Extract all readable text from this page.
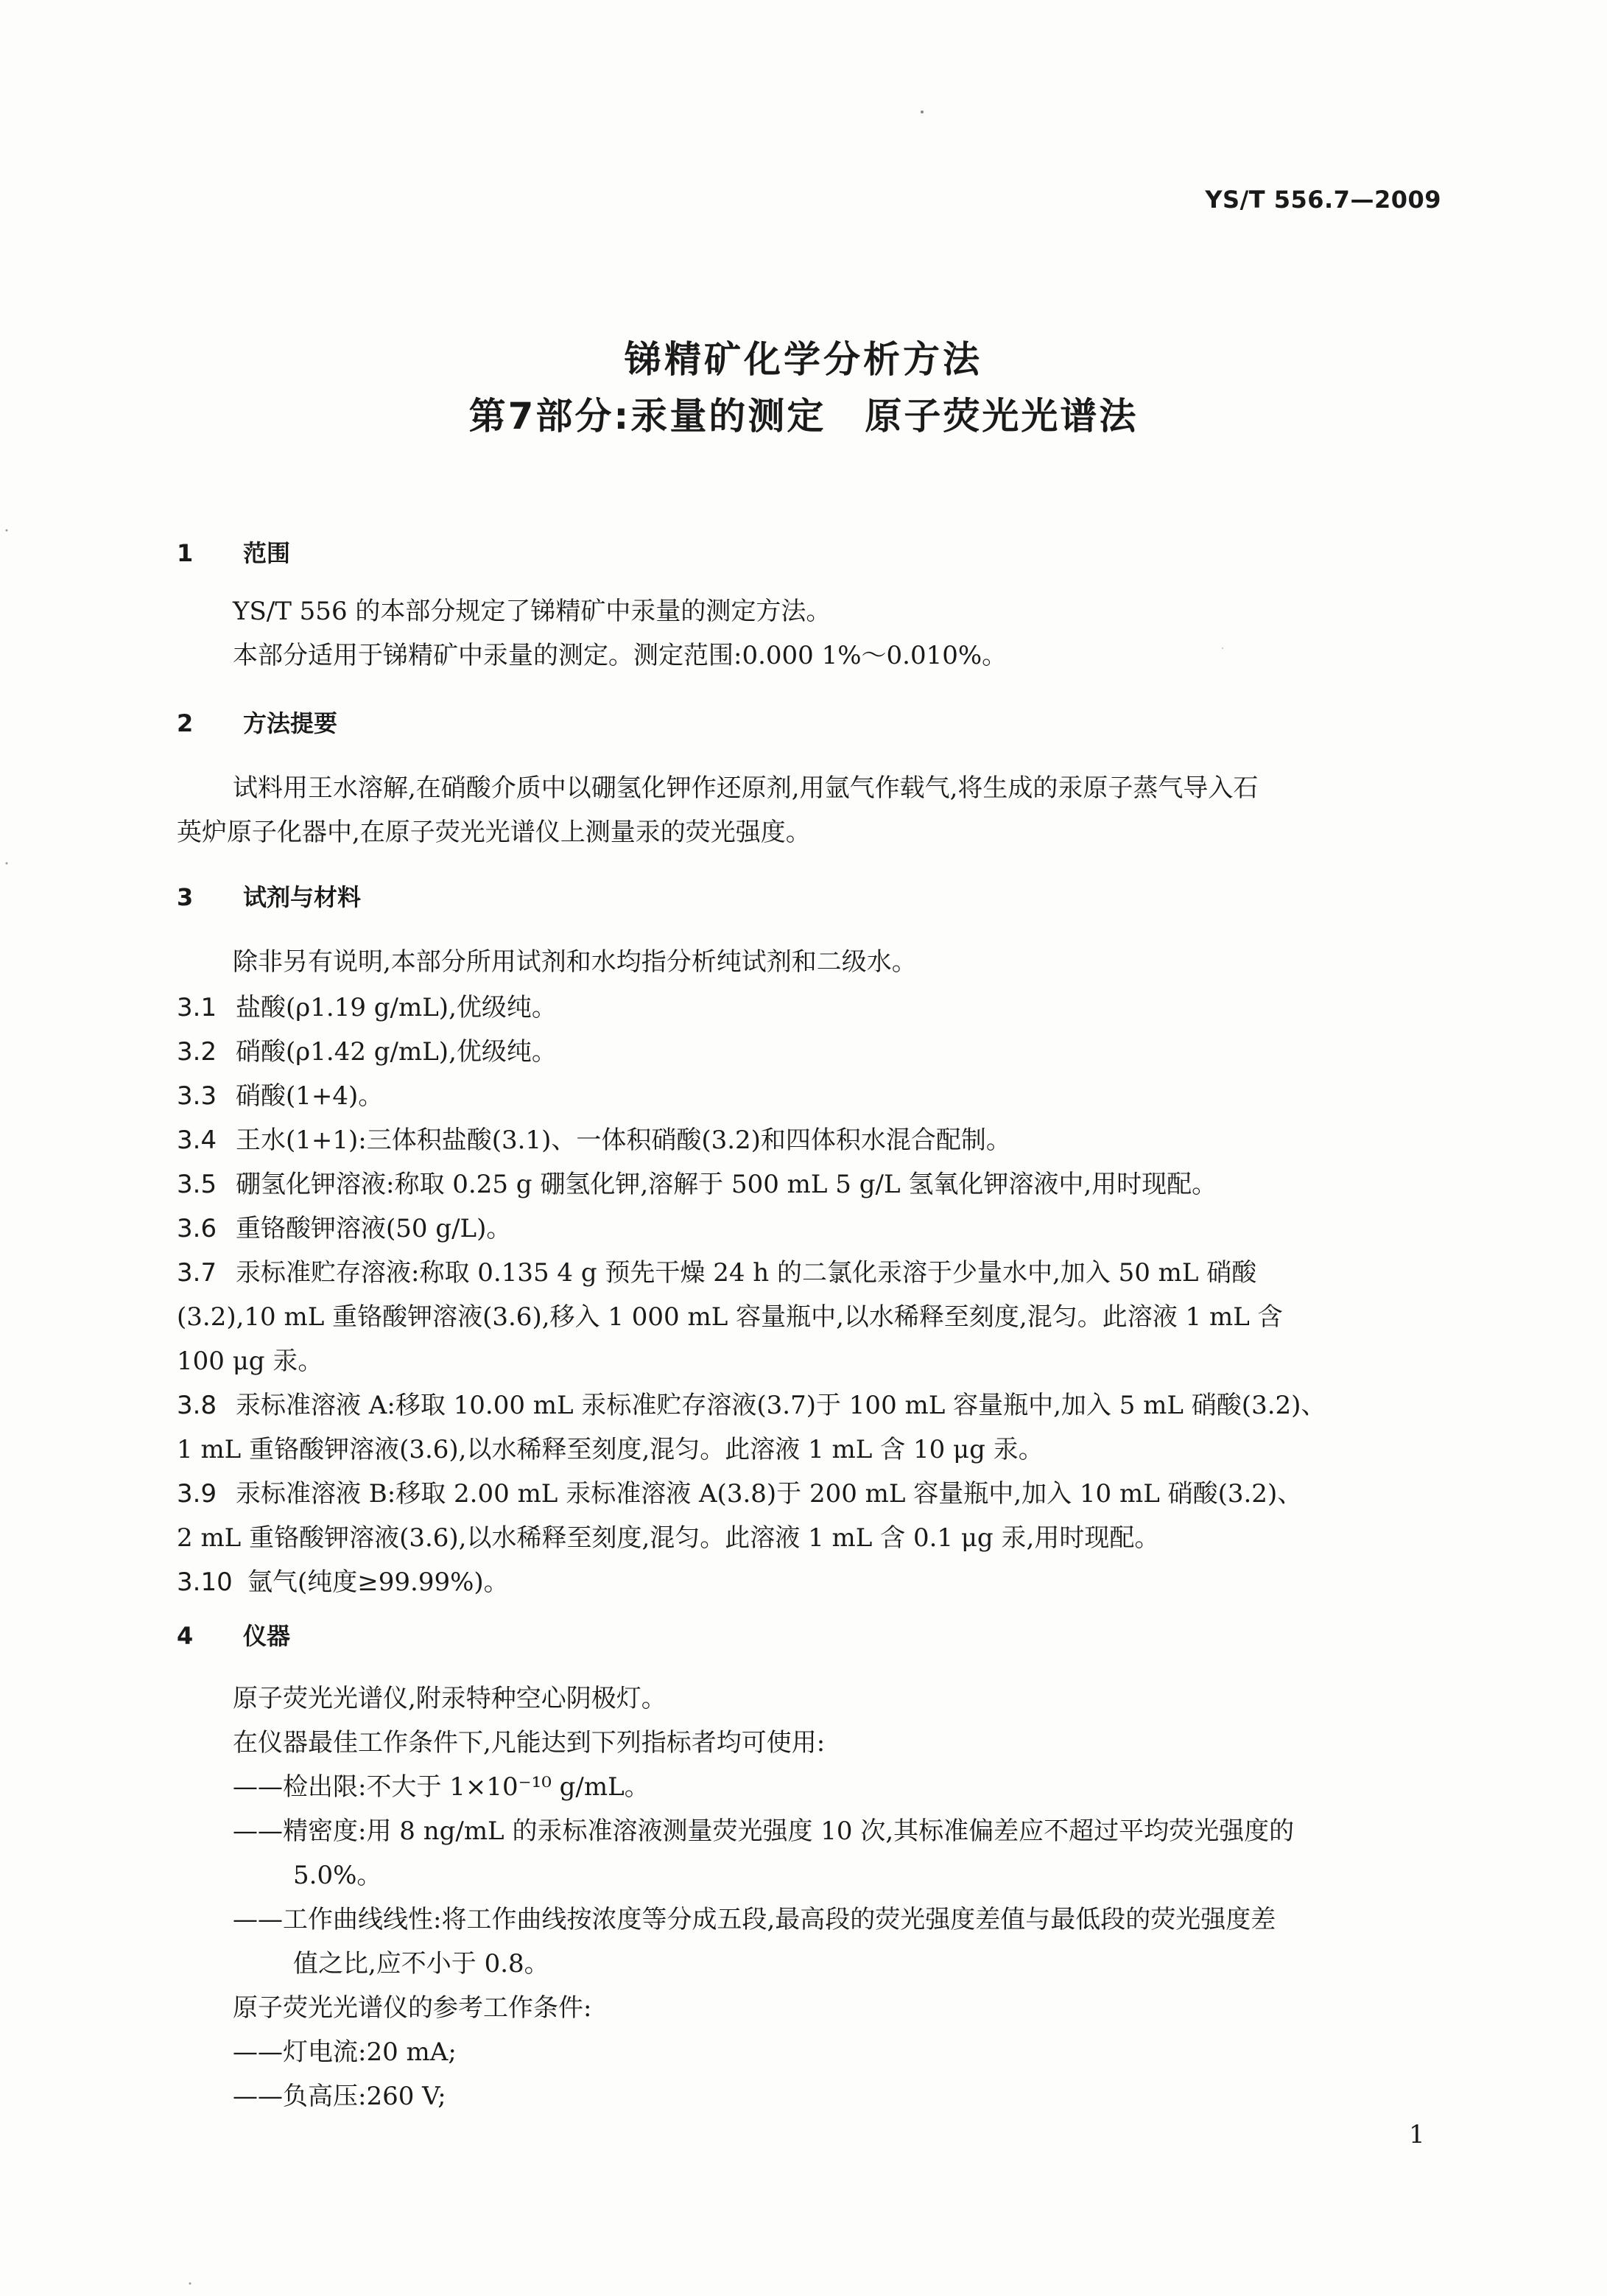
YS/T 556.7—2009
锑精矿化学分析方法
第7部分:汞量的测定　原子荧光光谱法
1 范围
YS/T 556 的本部分规定了锑精矿中汞量的测定方法。
本部分适用于锑精矿中汞量的测定。测定范围:0.000 1%～0.010%。
2 方法提要
试料用王水溶解,在硝酸介质中以硼氢化钾作还原剂,用氩气作载气,将生成的汞原子蒸气导入石
英炉原子化器中,在原子荧光光谱仪上测量汞的荧光强度。
3 试剂与材料
除非另有说明,本部分所用试剂和水均指分析纯试剂和二级水。
3.1 盐酸(ρ1.19 g/mL),优级纯。
3.2 硝酸(ρ1.42 g/mL),优级纯。
3.3 硝酸(1+4)。
3.4 王水(1+1):三体积盐酸(3.1)、一体积硝酸(3.2)和四体积水混合配制。
3.5 硼氢化钾溶液:称取 0.25 g 硼氢化钾,溶解于 500 mL 5 g/L 氢氧化钾溶液中,用时现配。
3.6 重铬酸钾溶液(50 g/L)。
3.7 汞标准贮存溶液:称取 0.135 4 g 预先干燥 24 h 的二氯化汞溶于少量水中,加入 50 mL 硝酸
(3.2),10 mL 重铬酸钾溶液(3.6),移入 1 000 mL 容量瓶中,以水稀释至刻度,混匀。此溶液 1 mL 含
100 μg 汞。
3.8 汞标准溶液 A:移取 10.00 mL 汞标准贮存溶液(3.7)于 100 mL 容量瓶中,加入 5 mL 硝酸(3.2)、
1 mL 重铬酸钾溶液(3.6),以水稀释至刻度,混匀。此溶液 1 mL 含 10 μg 汞。
3.9 汞标准溶液 B:移取 2.00 mL 汞标准溶液 A(3.8)于 200 mL 容量瓶中,加入 10 mL 硝酸(3.2)、
2 mL 重铬酸钾溶液(3.6),以水稀释至刻度,混匀。此溶液 1 mL 含 0.1 μg 汞,用时现配。
3.10 氩气(纯度≥99.99%)。
4 仪器
原子荧光光谱仪,附汞特种空心阴极灯。
在仪器最佳工作条件下,凡能达到下列指标者均可使用:
——检出限:不大于 1×10⁻¹⁰ g/mL。
——精密度:用 8 ng/mL 的汞标准溶液测量荧光强度 10 次,其标准偏差应不超过平均荧光强度的
5.0%。
——工作曲线线性:将工作曲线按浓度等分成五段,最高段的荧光强度差值与最低段的荧光强度差
值之比,应不小于 0.8。
原子荧光光谱仪的参考工作条件:
——灯电流:20 mA;
——负高压:260 V;
1
